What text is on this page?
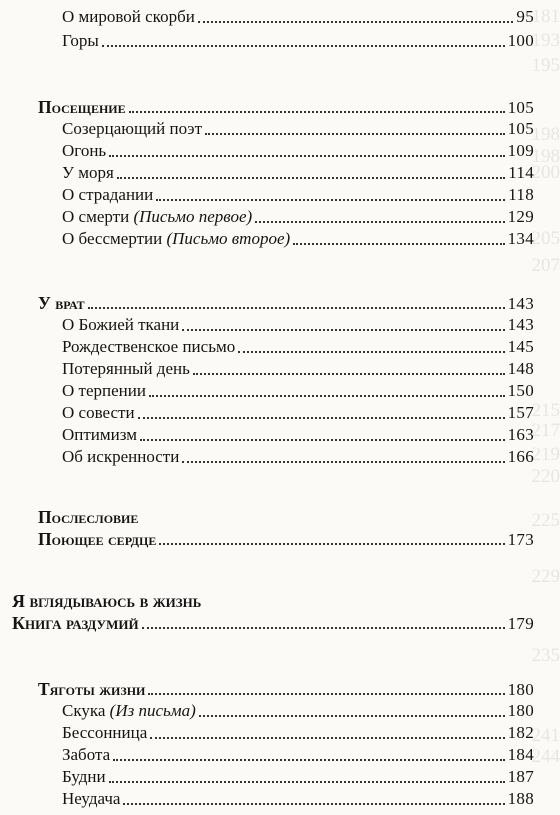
181
193
195
198
198
200
205
207
215
217
219
220
225
229
235
241
244
О мировой скорби	95
Горы	100
Посещение	105
Созерцающий поэт	105
Огонь	109
У моря	114
О страдании	118
О смерти (Письмо первое)	129
О бессмертии (Письмо второе)	134
У врат	143
О Божией ткани	143
Рождественское письмо	145
Потерянный день	148
О терпении	150
О совести	157
Оптимизм	163
Об искренности	166
Послесловие
Поющее сердце	173
Я вглядываюсь в жизнь
Книга раздумий	179
Тяготы жизни	180
Скука (Из письма)	180
Бессонница	182
Забота	184
Будни	187
Неудача	188
